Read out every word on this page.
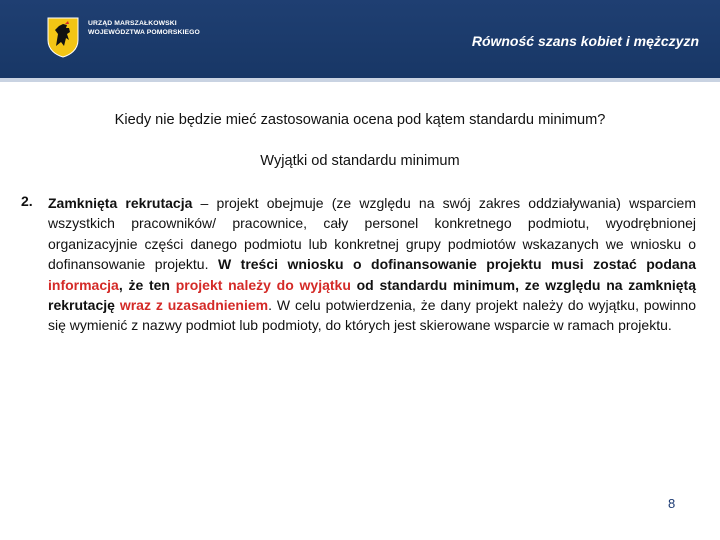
URZĄD MARSZAŁKOWSKI
WOJEWÓDZTWA POMORSKIEGO
Równość szans kobiet i mężczyzn
Kiedy nie będzie mieć zastosowania ocena pod kątem standardu minimum?
Wyjątki od standardu minimum
2. Zamknięta rekrutacja – projekt obejmuje (ze względu na swój zakres oddziaływania) wsparciem wszystkich pracowników/ pracownice, cały personel konkretnego podmiotu, wyodrębnionej organizacyjnie części danego podmiotu lub konkretnej grupy podmiotów wskazanych we wniosku o dofinansowanie projektu. W treści wniosku o dofinansowanie projektu musi zostać podana informacja, że ten projekt należy do wyjątku od standardu minimum, ze względu na zamkniętą rekrutację wraz z uzasadnieniem. W celu potwierdzenia, że dany projekt należy do wyjątku, powinno się wymienić z nazwy podmiot lub podmioty, do których jest skierowane wsparcie w ramach projektu.
8
